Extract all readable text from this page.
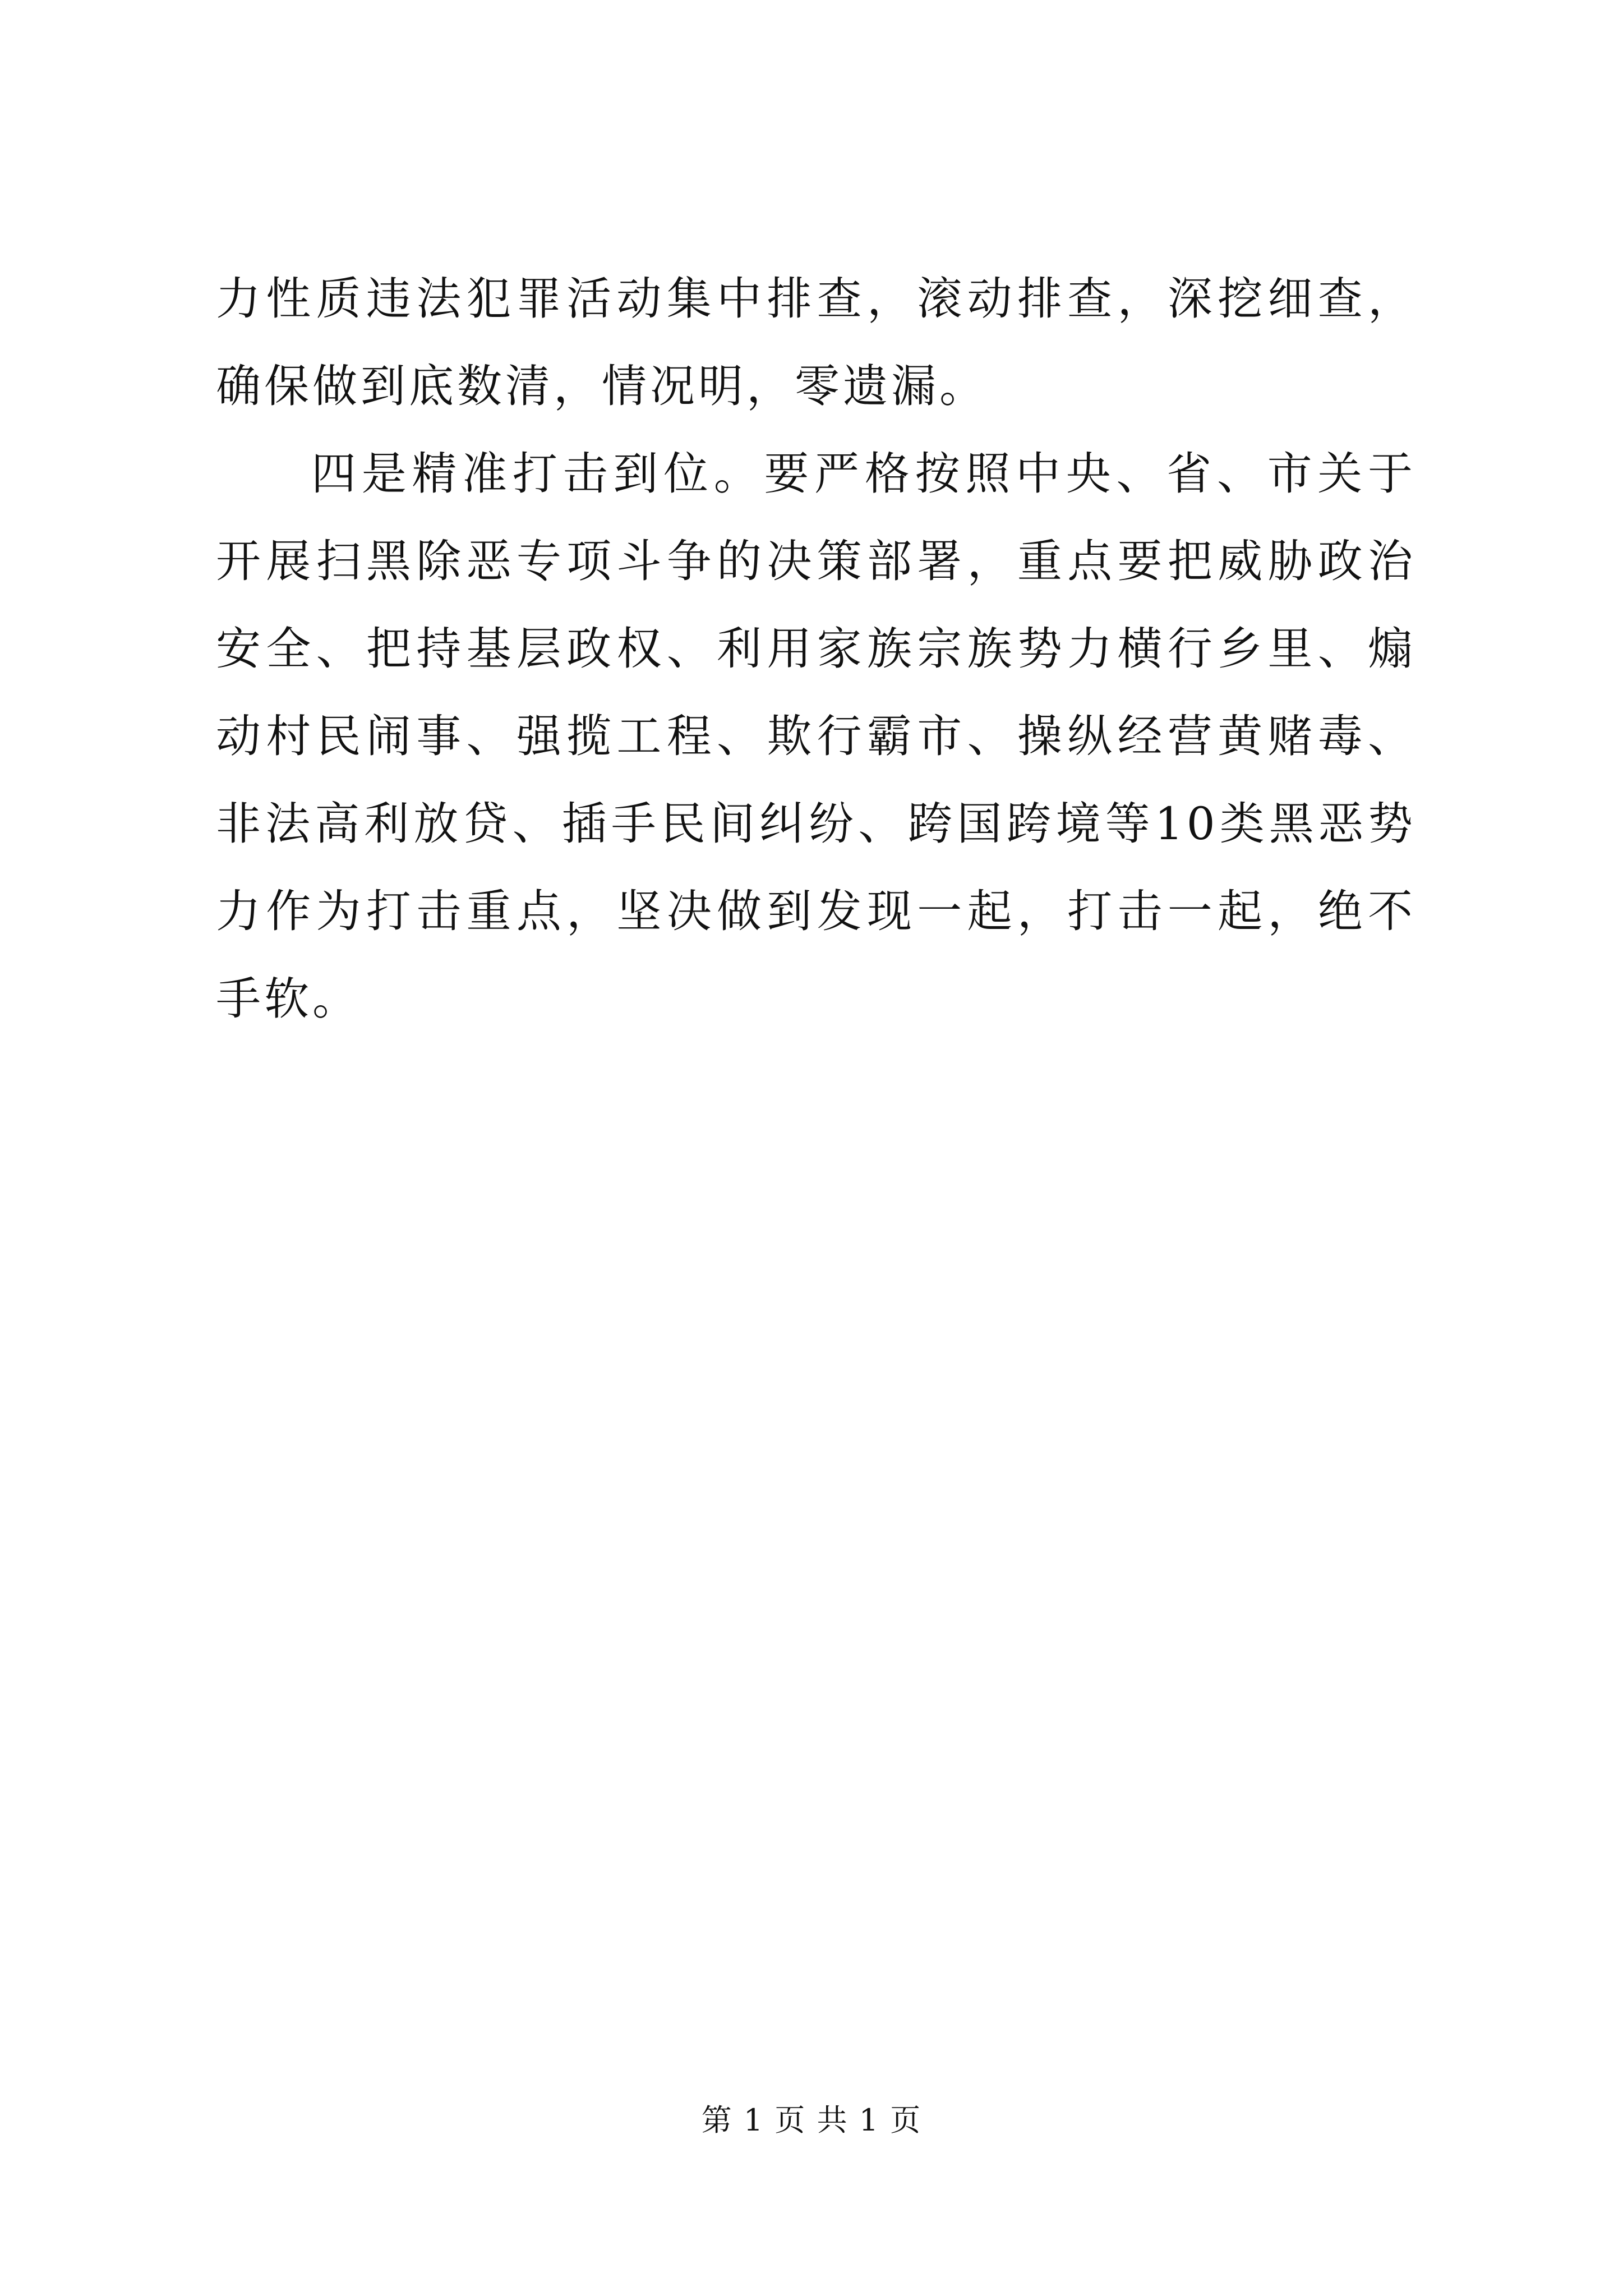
力性质违法犯罪活动集中排查，滚动排查，深挖细查，确保做到底数清，情况明，零遗漏。

四是精准打击到位。要严格按照中央、省、市关于开展扫黑除恶专项斗争的决策部署，重点要把威胁政治安全、把持基层政权、利用家族宗族势力横行乡里、煽动村民闹事、强揽工程、欺行霸市、操纵经营黄赌毒、非法高利放贷、插手民间纠纷、跨国跨境等10类黑恶势力作为打击重点，坚决做到发现一起，打击一起，绝不手软。

第 1 页 共 1 页
